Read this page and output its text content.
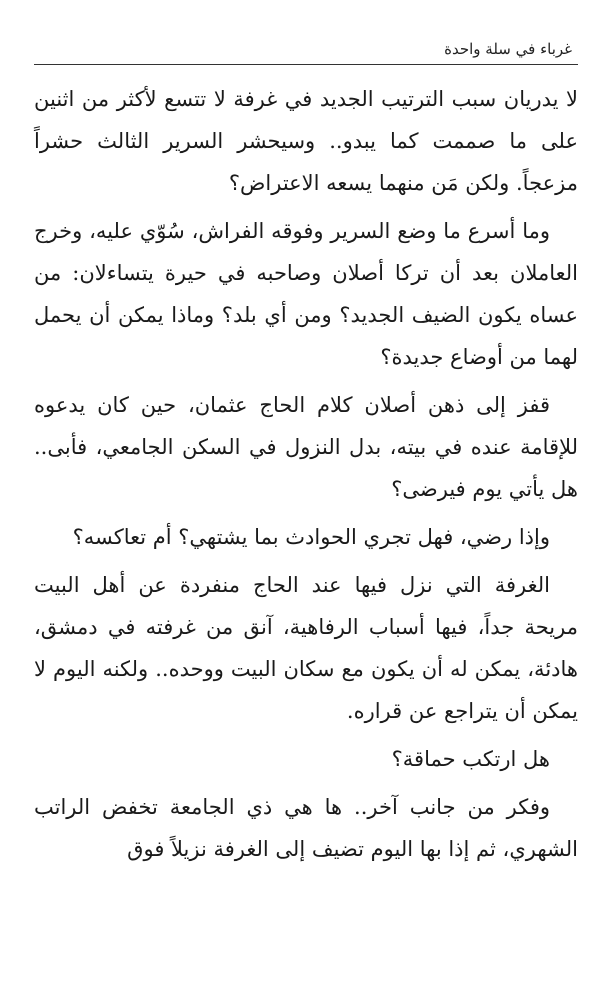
غرباء في سلة واحدة

لا يدريان سبب الترتيب الجديد في غرفة لا تتسع لأكثر من اثنين على ما صممت كما يبدو.. وسيحشر السرير الثالث حشراً مزعجاً. ولكن مَن منهما يسعه الاعتراض؟

وما أسرع ما وضع السرير وفوقه الفراش، سُوّي عليه، وخرج العاملان بعد أن تركا أصلان وصاحبه في حيرة يتساءلان: من عساه يكون الضيف الجديد؟ ومن أي بلد؟ وماذا يمكن أن يحمل لهما من أوضاع جديدة؟

قفز إلى ذهن أصلان كلام الحاج عثمان، حين كان يدعوه للإقامة عنده في بيته، بدل النزول في السكن الجامعي، فأبى.. هل يأتي يوم فيرضى؟

وإذا رضي، فهل تجري الحوادث بما يشتهي؟ أم تعاكسه؟

الغرفة التي نزل فيها عند الحاج منفردة عن أهل البيت مريحة جداً، فيها أسباب الرفاهية، آنق من غرفته في دمشق، هادئة، يمكن له أن يكون مع سكان البيت ووحده.. ولكنه اليوم لا يمكن أن يتراجع عن قراره.

هل ارتكب حماقة؟

وفكر من جانب آخر.. ها هي ذي الجامعة تخفض الراتب الشهري، ثم إذا بها اليوم تضيف إلى الغرفة نزيلاً فوق
